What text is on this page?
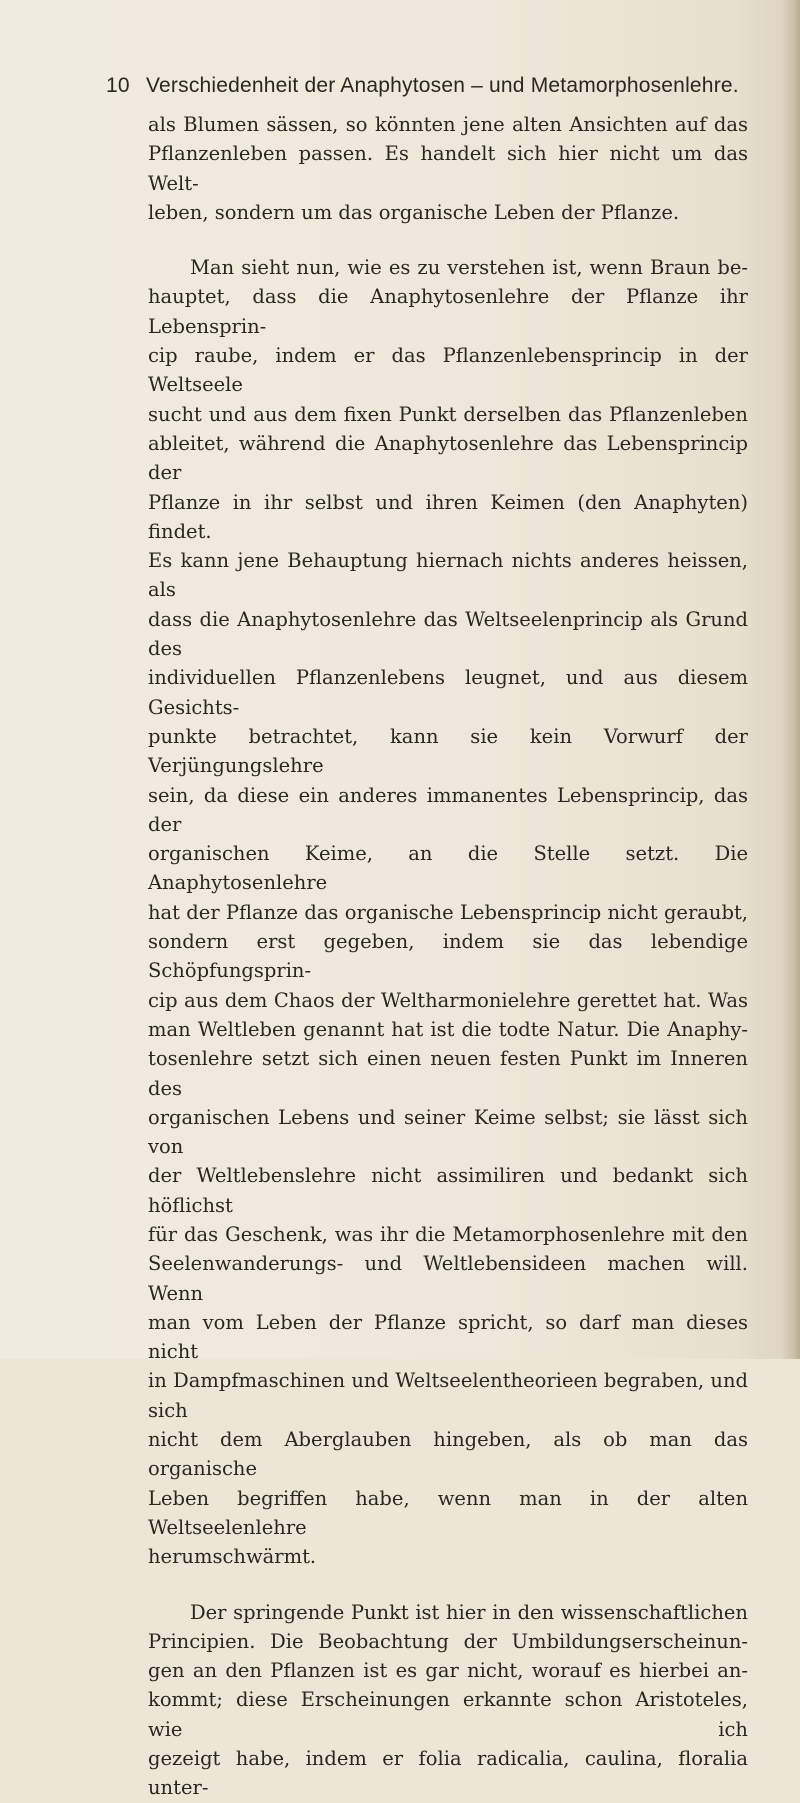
10 Verschiedenheit der Anaphytosen – und Metamorphosenlehre.

als Blumen sässen, so könnten jene alten Ansichten auf das

Pflanzenleben passen. Es handelt sich hier nicht um das Welt-

leben, sondern um das organische Leben der Pflanze.

Man sieht nun, wie es zu verstehen ist, wenn Braun be-

hauptet, dass die Anaphytosenlehre der Pflanze ihr Lebensprin-

cip raube, indem er das Pflanzenlebensprincip in der Weltseele

sucht und aus dem fixen Punkt derselben das Pflanzenleben

ableitet, während die Anaphytosenlehre das Lebensprincip der

Pflanze in ihr selbst und ihren Keimen (den Anaphyten) findet.

Es kann jene Behauptung hiernach nichts anderes heissen, als

dass die Anaphytosenlehre das Weltseelenprincip als Grund des

individuellen Pflanzenlebens leugnet, und aus diesem Gesichts-

punkte betrachtet, kann sie kein Vorwurf der Verjüngungslehre

sein, da diese ein anderes immanentes Lebensprincip, das der

organischen Keime, an die Stelle setzt. Die Anaphytosenlehre

hat der Pflanze das organische Lebensprincip nicht geraubt,

sondern erst gegeben, indem sie das lebendige Schöpfungsprin-

cip aus dem Chaos der Weltharmonielehre gerettet hat. Was

man Weltleben genannt hat ist die todte Natur. Die Anaphy-

tosenlehre setzt sich einen neuen festen Punkt im Inneren des

organischen Lebens und seiner Keime selbst; sie lässt sich von

der Weltlebenslehre nicht assimiliren und bedankt sich höflichst

für das Geschenk, was ihr die Metamorphosenlehre mit den

Seelenwanderungs- und Weltlebensideen machen will. Wenn

man vom Leben der Pflanze spricht, so darf man dieses nicht

in Dampfmaschinen und Weltseelentheorieen begraben, und sich

nicht dem Aberglauben hingeben, als ob man das organische

Leben begriffen habe, wenn man in der alten Weltseelenlehre

herumschwärmt.

Der springende Punkt ist hier in den wissenschaftlichen

Principien. Die Beobachtung der Umbildungserscheinun-

gen an den Pflanzen ist es gar nicht, worauf es hierbei an-

kommt; diese Erscheinungen erkannte schon Aristoteles, wie ich

gezeigt habe, indem er folia radicalia, caulina, floralia unter-
